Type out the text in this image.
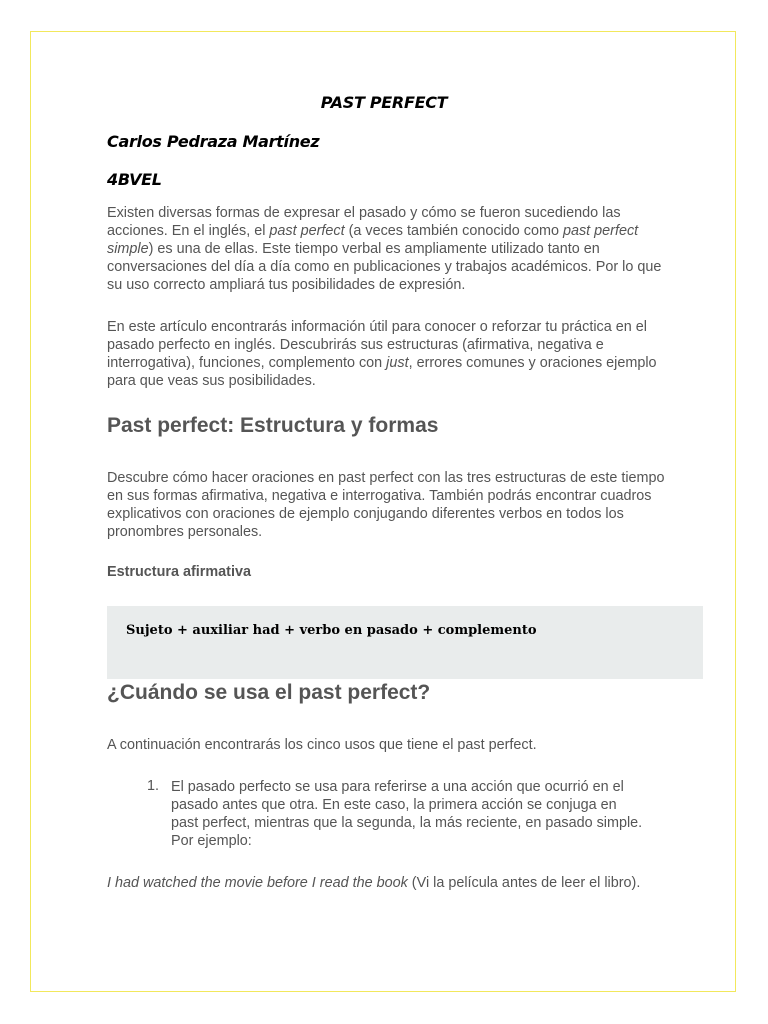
PAST PERFECT

Carlos Pedraza Martínez

4BVEL

Existen diversas formas de expresar el pasado y cómo se fueron sucediendo las acciones. En el inglés, el past perfect (a veces también conocido como past perfect simple) es una de ellas. Este tiempo verbal es ampliamente utilizado tanto en conversaciones del día a día como en publicaciones y trabajos académicos. Por lo que su uso correcto ampliará tus posibilidades de expresión.

En este artículo encontrarás información útil para conocer o reforzar tu práctica en el pasado perfecto en inglés. Descubrirás sus estructuras (afirmativa, negativa e interrogativa), funciones, complemento con just, errores comunes y oraciones ejemplo para que veas sus posibilidades.

Past perfect: Estructura y formas

Descubre cómo hacer oraciones en past perfect con las tres estructuras de este tiempo en sus formas afirmativa, negativa e interrogativa. También podrás encontrar cuadros explicativos con oraciones de ejemplo conjugando diferentes verbos en todos los pronombres personales.

Estructura afirmativa
Sujeto + auxiliar had + verbo en pasado + complemento
¿Cuándo se usa el past perfect?

A continuación encontrarás los cinco usos que tiene el past perfect.

1. El pasado perfecto se usa para referirse a una acción que ocurrió en el pasado antes que otra. En este caso, la primera acción se conjuga en past perfect, mientras que la segunda, la más reciente, en pasado simple. Por ejemplo:

I had watched the movie before I read the book (Vi la película antes de leer el libro).
